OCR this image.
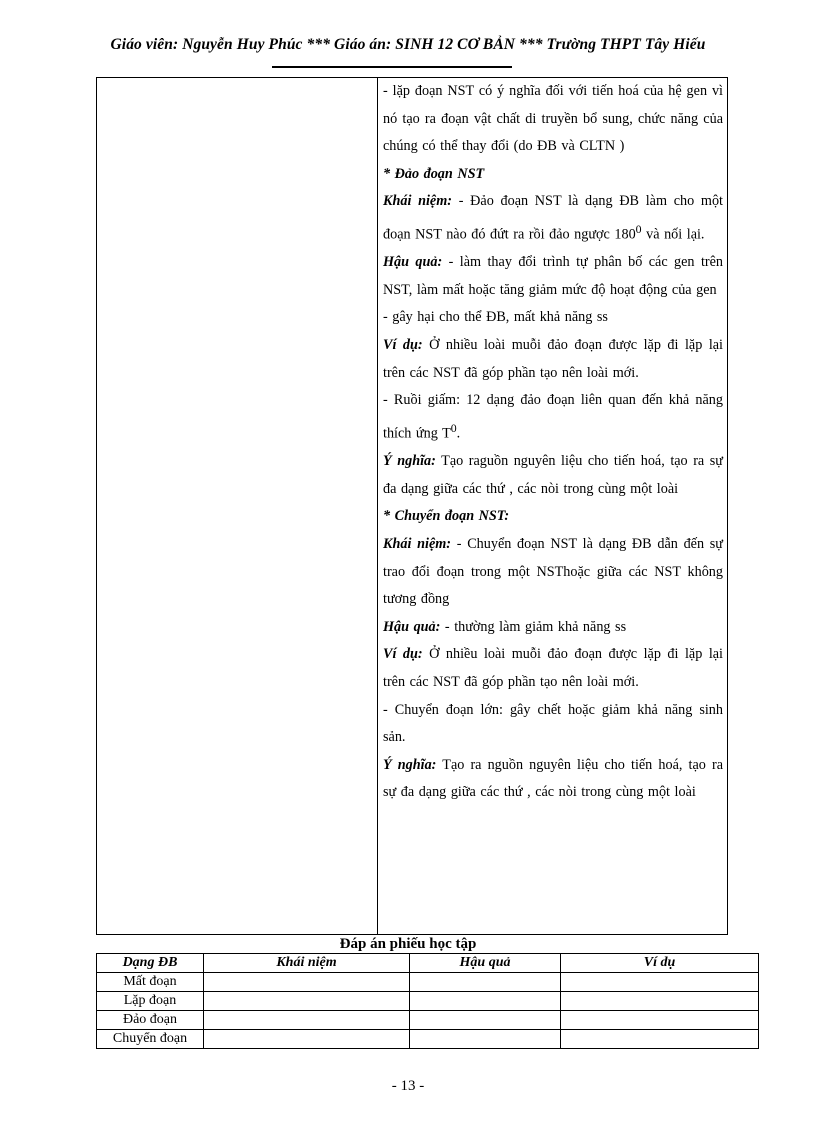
Giáo viên: Nguyễn Huy Phúc *** Giáo án: SINH 12 CƠ BẢN *** Trường THPT Tây Hiếu

- lặp đoạn NST có ý nghĩa đối với tiến hoá của hệ gen vì nó tạo ra đoạn vật chất di truyền bổ sung, chức năng của chúng có thể thay đổi (do ĐB và CLTN )

* Đảo đoạn NST

Khái niệm: - Đảo đoạn NST là dạng ĐB làm cho một đoạn NST nào đó đứt ra rồi đảo ngược $180^0$ và nối lại.

Hậu quả: - làm thay đổi trình tự phân bố các gen trên NST, làm mất hoặc tăng giảm mức độ hoạt động của gen

- gây hại cho thể ĐB, mất khả năng ss

Ví dụ: Ở nhiều loài muỗi đảo đoạn được lặp đi lặp lại trên các NST đã góp phần tạo nên loài mới.

- Ruồi giấm: 12 dạng đảo đoạn liên quan đến khả năng thích ứng $T^0$.

Ý nghĩa: Tạo raguồn nguyên liệu cho tiến hoá, tạo ra sự đa dạng giữa các thứ , các nòi trong cùng một loài

* Chuyển đoạn NST:

Khái niệm: - Chuyển đoạn NST là dạng ĐB dẫn đến sự trao đổi đoạn trong một NSThoặc giữa các NST không tương đồng

Hậu quả: - thường làm giảm khả năng ss

Ví dụ: Ở nhiều loài muỗi đảo đoạn được lặp đi lặp lại trên các NST đã góp phần tạo nên loài mới.

- Chuyển đoạn lớn: gây chết hoặc giảm khả năng sinh sản.

Ý nghĩa: Tạo ra nguồn nguyên liệu cho tiến hoá, tạo ra sự đa dạng giữa các thứ , các nòi trong cùng một loài

Đáp án phiếu học tập
Dạng ĐB	Khái niệm	Hậu quả	Ví dụ
Mất đoạn			
Lặp đoạn			
Đảo đoạn			
Chuyển đoạn			
- 13 -
